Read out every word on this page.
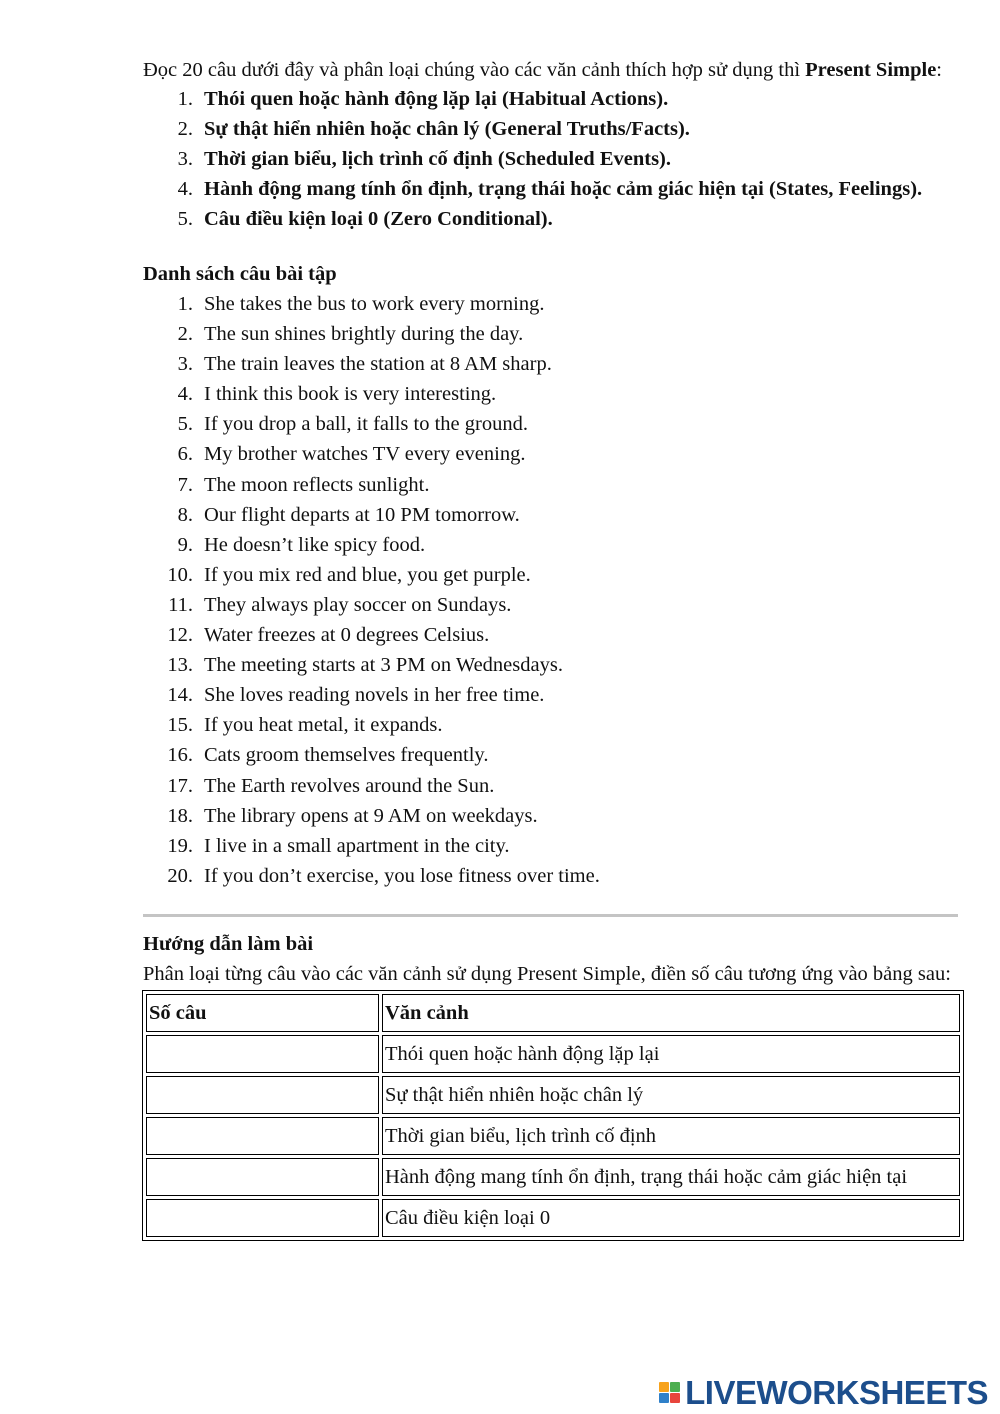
Đọc 20 câu dưới đây và phân loại chúng vào các văn cảnh thích hợp sử dụng thì Present Simple:

1. Thói quen hoặc hành động lặp lại (Habitual Actions).
2. Sự thật hiển nhiên hoặc chân lý (General Truths/Facts).
3. Thời gian biểu, lịch trình cố định (Scheduled Events).
4. Hành động mang tính ổn định, trạng thái hoặc cảm giác hiện tại (States, Feelings).
5. Câu điều kiện loại 0 (Zero Conditional).

Danh sách câu bài tập

1. She takes the bus to work every morning.
2. The sun shines brightly during the day.
3. The train leaves the station at 8 AM sharp.
4. I think this book is very interesting.
5. If you drop a ball, it falls to the ground.
6. My brother watches TV every evening.
7. The moon reflects sunlight.
8. Our flight departs at 10 PM tomorrow.
9. He doesn’t like spicy food.
10. If you mix red and blue, you get purple.
11. They always play soccer on Sundays.
12. Water freezes at 0 degrees Celsius.
13. The meeting starts at 3 PM on Wednesdays.
14. She loves reading novels in her free time.
15. If you heat metal, it expands.
16. Cats groom themselves frequently.
17. The Earth revolves around the Sun.
18. The library opens at 9 AM on weekdays.
19. I live in a small apartment in the city.
20. If you don’t exercise, you lose fitness over time.

Hướng dẫn làm bài

Phân loại từng câu vào các văn cảnh sử dụng Present Simple, điền số câu tương ứng vào bảng sau:

Số câu	Văn cảnh
	Thói quen hoặc hành động lặp lại
	Sự thật hiển nhiên hoặc chân lý
	Thời gian biểu, lịch trình cố định
	Hành động mang tính ổn định, trạng thái hoặc cảm giác hiện tại
	Câu điều kiện loại 0
LIVEWORKSHEETS
